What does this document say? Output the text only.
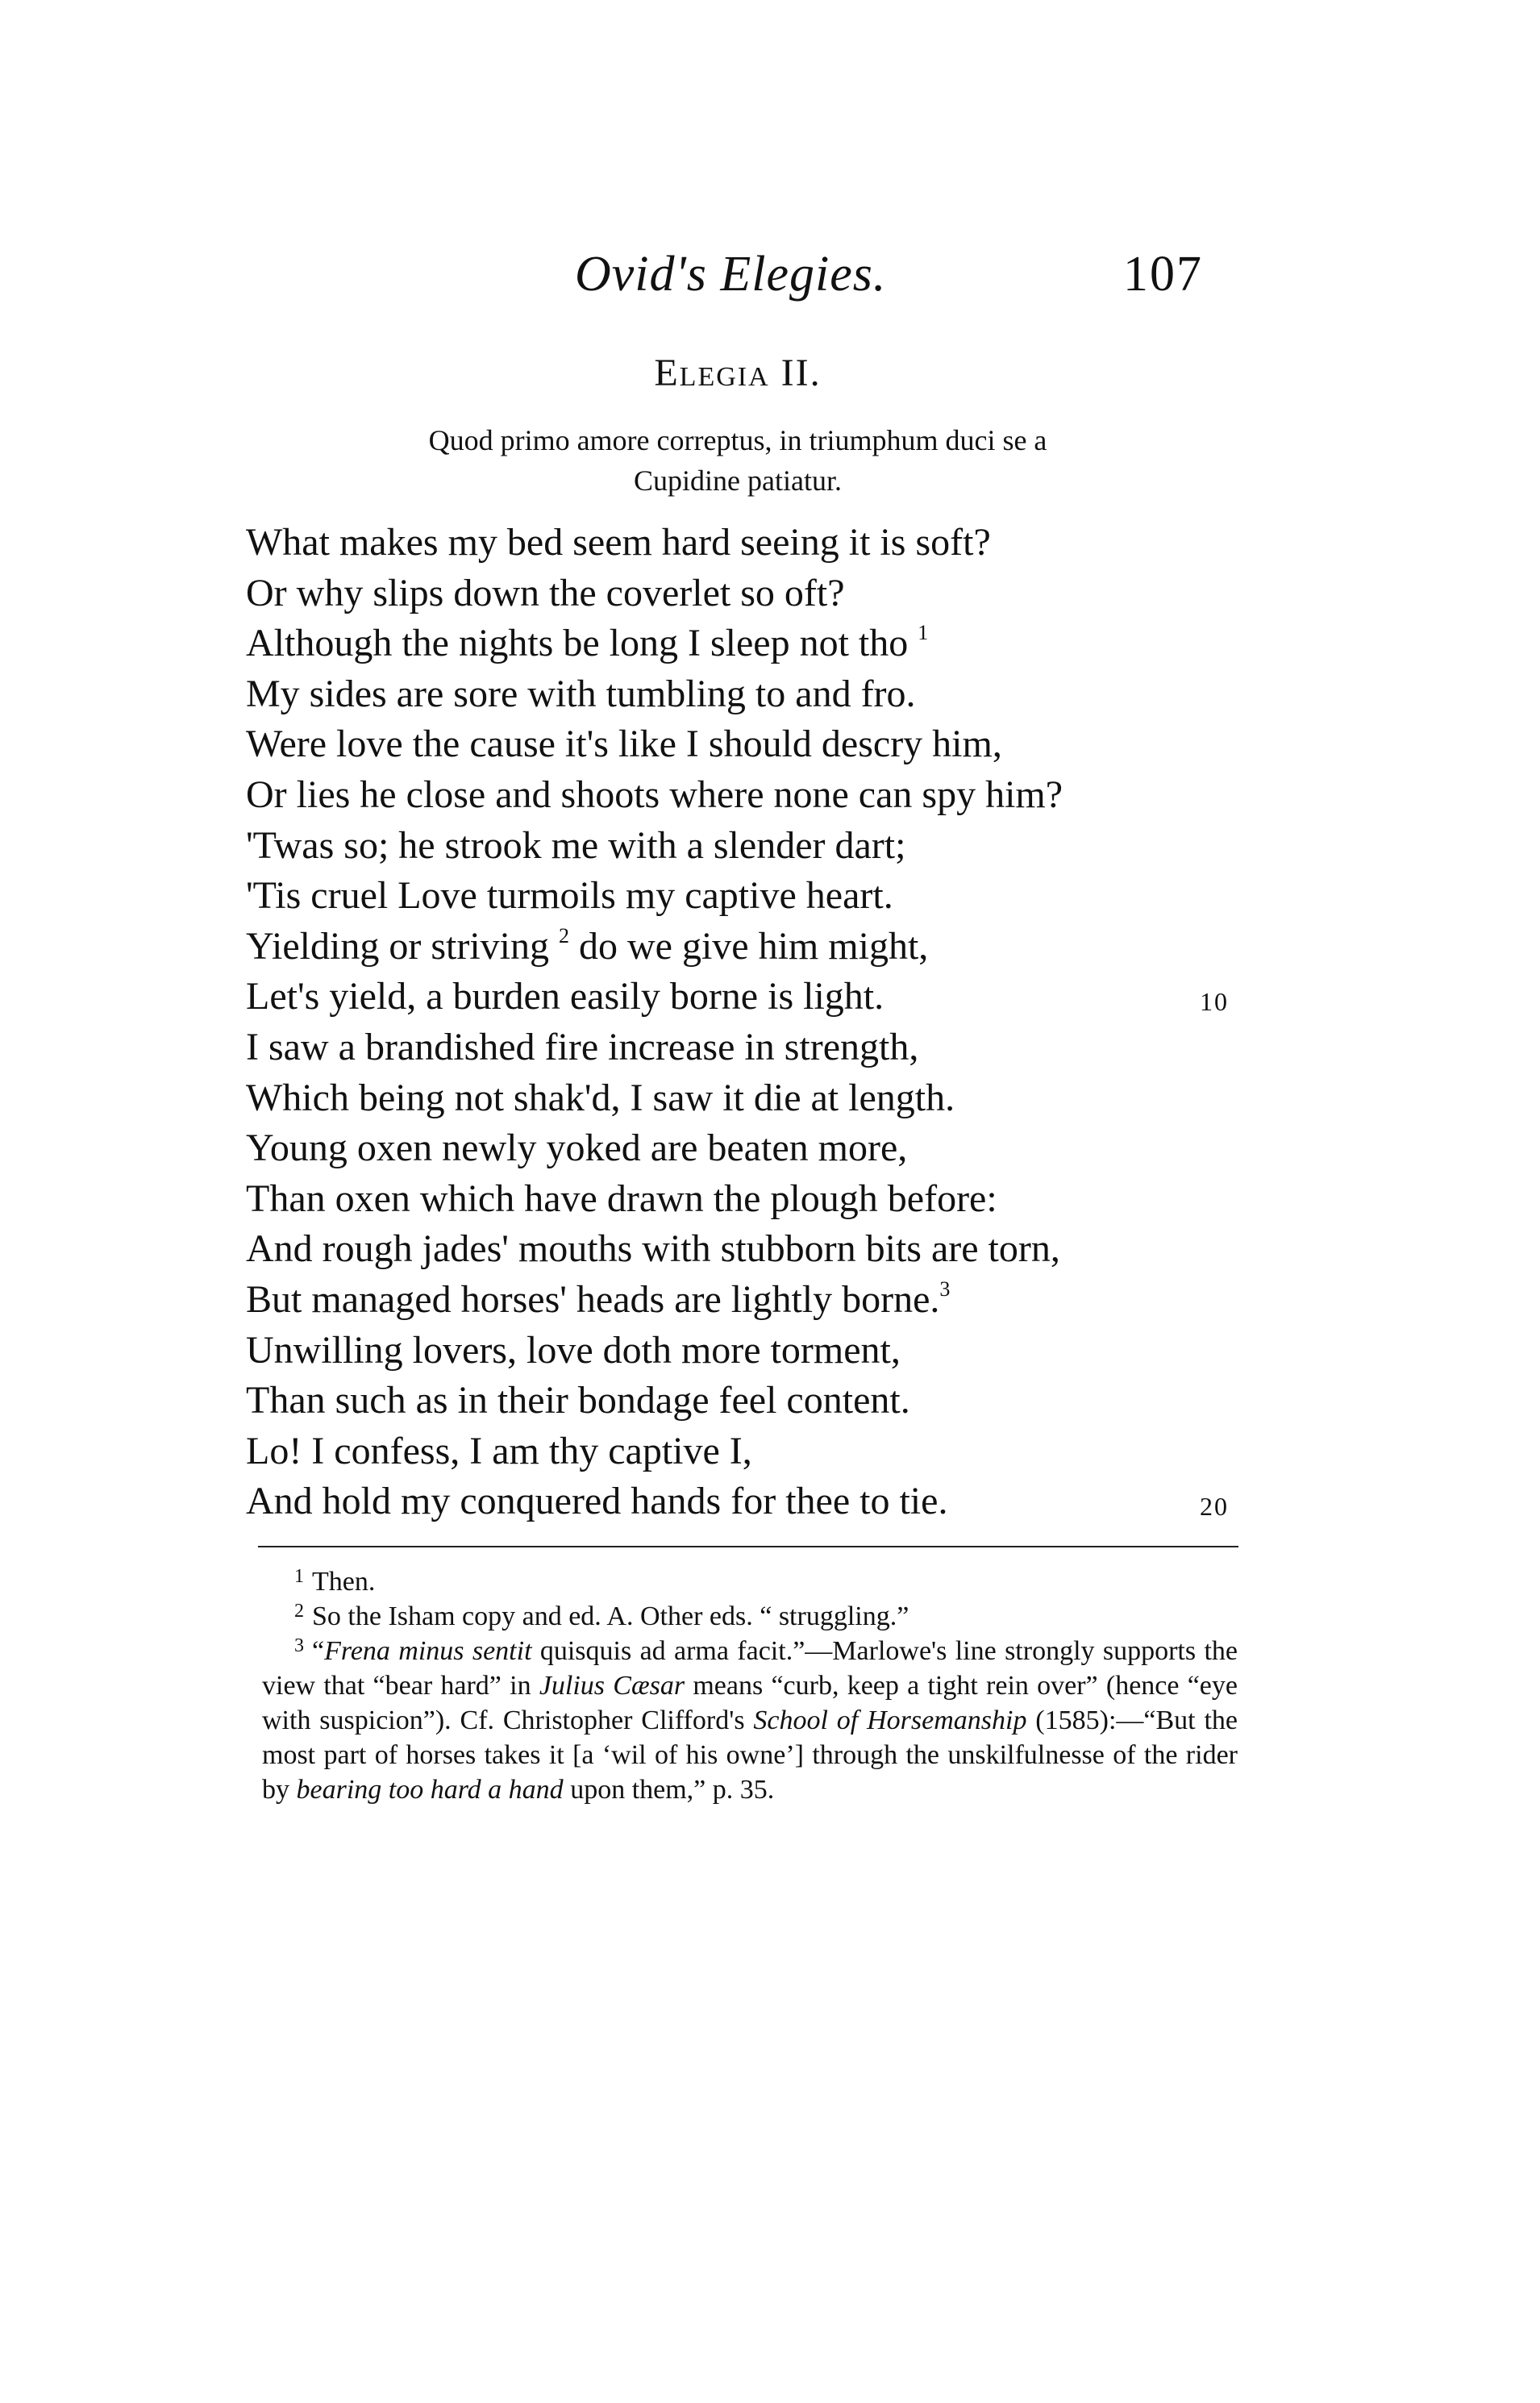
Ovid's Elegies.	107
Elegia II.
Quod primo amore correptus, in triumphum duci se a
Cupidine patiatur.
What makes my bed seem hard seeing it is soft?
Or why slips down the coverlet so oft?
Although the nights be long I sleep not tho $^1$
My sides are sore with tumbling to and fro.
Were love the cause it's like I should descry him,
Or lies he close and shoots where none can spy him?
'Twas so; he strook me with a slender dart;
'Tis cruel Love turmoils my captive heart.
Yielding or striving $^2$ do we give him might,
Let's yield, a burden easily borne is light.	10
I saw a brandished fire increase in strength,
Which being not shak'd, I saw it die at length.
Young oxen newly yoked are beaten more,
Than oxen which have drawn the plough before:
And rough jades' mouths with stubborn bits are torn,
But managed horses' heads are lightly borne.$^3$
Unwilling lovers, love doth more torment,
Than such as in their bondage feel content.
Lo! I confess, I am thy captive I,
And hold my conquered hands for thee to tie.	20

$^1$ Then.

$^2$ So the Isham copy and ed. A. Other eds. “ struggling.”

$^3$ “Frena minus sentit quisquis ad arma facit.”—Marlowe's line strongly supports the view that “bear hard” in Julius Cæsar means “curb, keep a tight rein over” (hence “eye with suspicion”). Cf. Christopher Clifford's School of Horsemanship (1585):—“But the most part of horses takes it [a ‘wil of his owne’] through the unskilfulnesse of the rider by bearing too hard a hand upon them,” p. 35.
